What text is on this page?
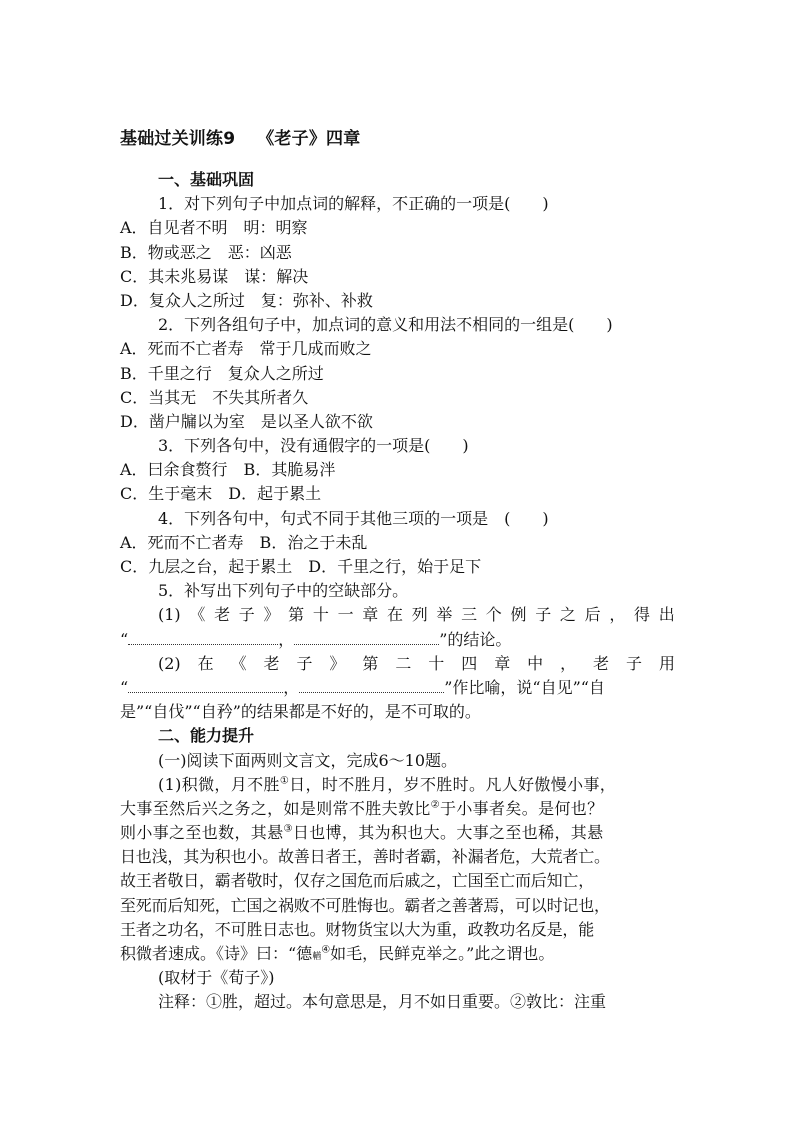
基础过关训练9 《老子》四章
一、基础巩固
1．对下列句子中加点词的解释，不正确的一项是(　　)
A．自见者不明　明：明察
B．物或恶之　恶：凶恶
C．其未兆易谋　谋：解决
D．复众人之所过　复：弥补、补救
2．下列各组句子中，加点词的意义和用法不相同的一组是(　　)
A．死而不亡者寿　常于几成而败之
B．千里之行　复众人之所过
C．当其无　不失其所者久
D．凿户牖以为室　是以圣人欲不欲
3．下列各句中，没有通假字的一项是(　　)
A．曰余食赘行　B．其脆易泮
C．生于毫末　D．起于累土
4．下列各句中，句式不同于其他三项的一项是　(　　)
A．死而不亡者寿　B．治之于未乱
C．九层之台，起于累土　D．千里之行，始于足下
5．补写出下列句子中的空缺部分。
(1) 《 老 子 》 第 十 一 章 在 列 举 三 个 例 子 之 后 ， 得 出
“	，	”的结论。
(2) 在 《 老 子 》 第 二 十 四 章 中 ， 老 子 用
“	，	”作比喻，说“自见”“自
是”“自伐”“自矜”的结果都是不好的，是不可取的。
二、能力提升
(一)阅读下面两则文言文，完成6～10题。
(1)积微，月不胜①日，时不胜月，岁不胜时。凡人好傲慢小事，
大事至然后兴之务之，如是则常不胜夫敦比②于小事者矣。是何也？
则小事之至也数，其悬③日也博，其为积也大。大事之至也稀，其悬
日也浅，其为积也小。故善日者王，善时者霸，补漏者危，大荒者亡。
故王者敬日，霸者敬时，仅存之国危而后戚之，亡国至亡而后知亡，
至死而后知死，亡国之祸败不可胜悔也。霸者之善著焉，可以时记也，
王者之功名，不可胜日志也。财物货宝以大为重，政教功名反是，能
积微者速成。《诗》曰：“德輶④如毛，民鲜克举之。”此之谓也。
(取材于《荀子》)
注释：①胜，超过。本句意思是，月不如日重要。②敦比：注重
